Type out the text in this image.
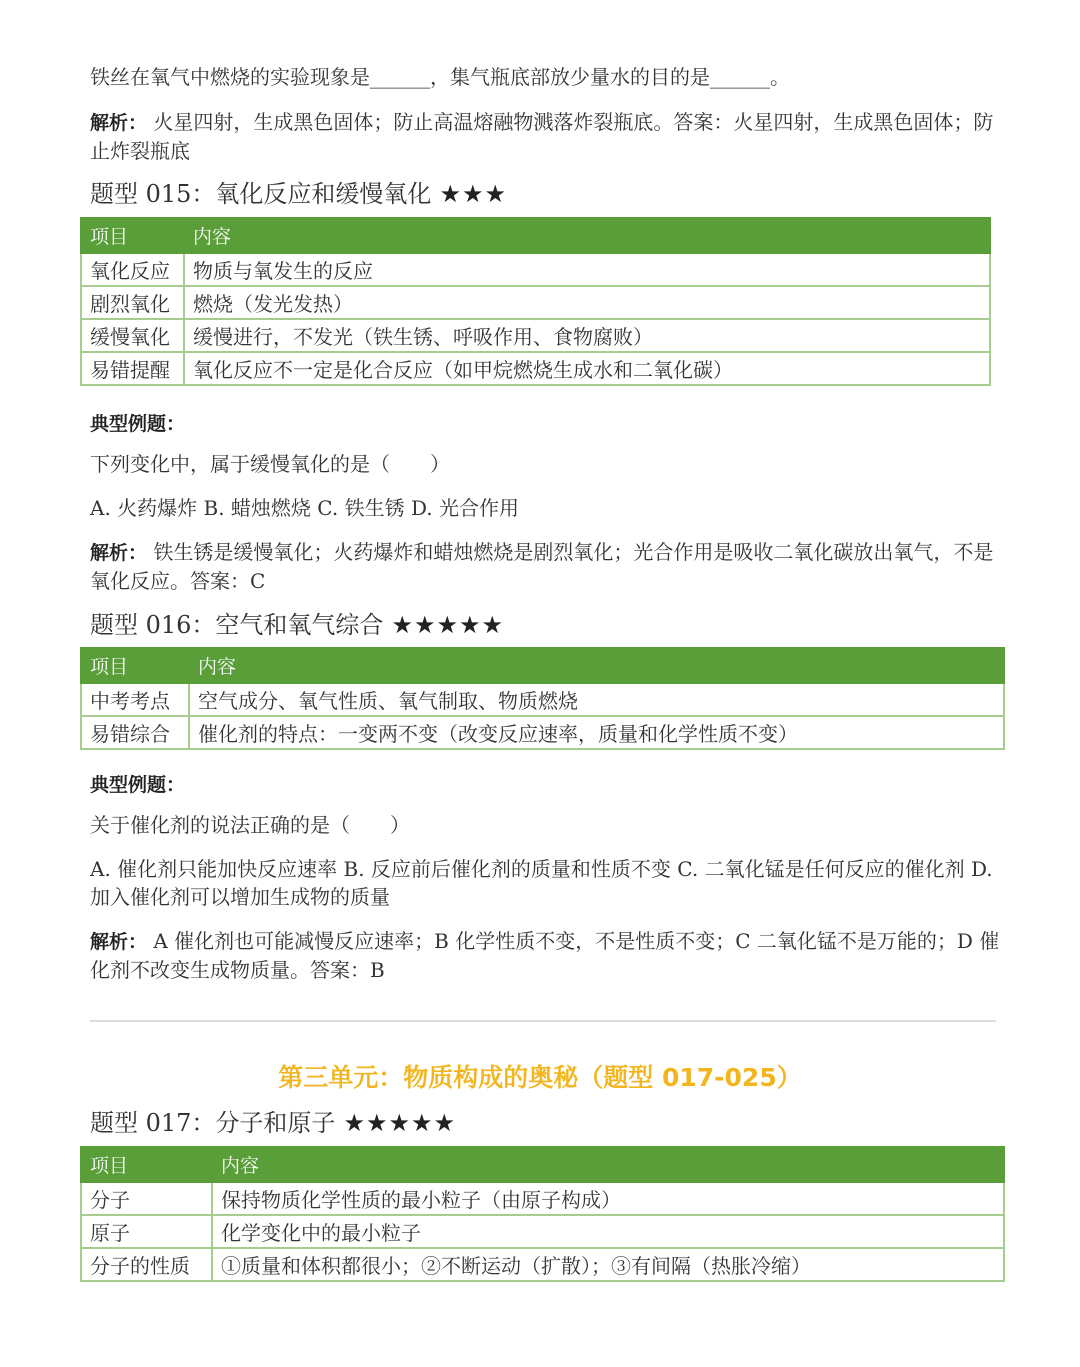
铁丝在氧气中燃烧的实验现象是______，集气瓶底部放少量水的目的是______。

解析： 火星四射，生成黑色固体；防止高温熔融物溅落炸裂瓶底。答案：火星四射，生成黑色固体；防止炸裂瓶底

题型 015：氧化反应和缓慢氧化 ★★★
项目	内容
氧化反应	物质与氧发生的反应
剧烈氧化	燃烧（发光发热）
缓慢氧化	缓慢进行，不发光（铁生锈、呼吸作用、食物腐败）
易错提醒	氧化反应不一定是化合反应（如甲烷燃烧生成水和二氧化碳）
典型例题：

下列变化中，属于缓慢氧化的是（　　）

A. 火药爆炸 B. 蜡烛燃烧 C. 铁生锈 D. 光合作用

解析： 铁生锈是缓慢氧化；火药爆炸和蜡烛燃烧是剧烈氧化；光合作用是吸收二氧化碳放出氧气，不是氧化反应。答案：C

题型 016：空气和氧气综合 ★★★★★
项目	内容
中考考点	空气成分、氧气性质、氧气制取、物质燃烧
易错综合	催化剂的特点：一变两不变（改变反应速率，质量和化学性质不变）
典型例题：

关于催化剂的说法正确的是（　　）

A. 催化剂只能加快反应速率 B. 反应前后催化剂的质量和性质不变 C. 二氧化锰是任何反应的催化剂 D. 加入催化剂可以增加生成物的质量

解析： A 催化剂也可能减慢反应速率；B 化学性质不变，不是性质不变；C 二氧化锰不是万能的；D 催化剂不改变生成物质量。答案：B

第三单元：物质构成的奥秘（题型 017-025）
题型 017：分子和原子 ★★★★★
项目	内容
分子	保持物质化学性质的最小粒子（由原子构成）
原子	化学变化中的最小粒子
分子的性质	①质量和体积都很小；②不断运动（扩散）；③有间隔（热胀冷缩）
